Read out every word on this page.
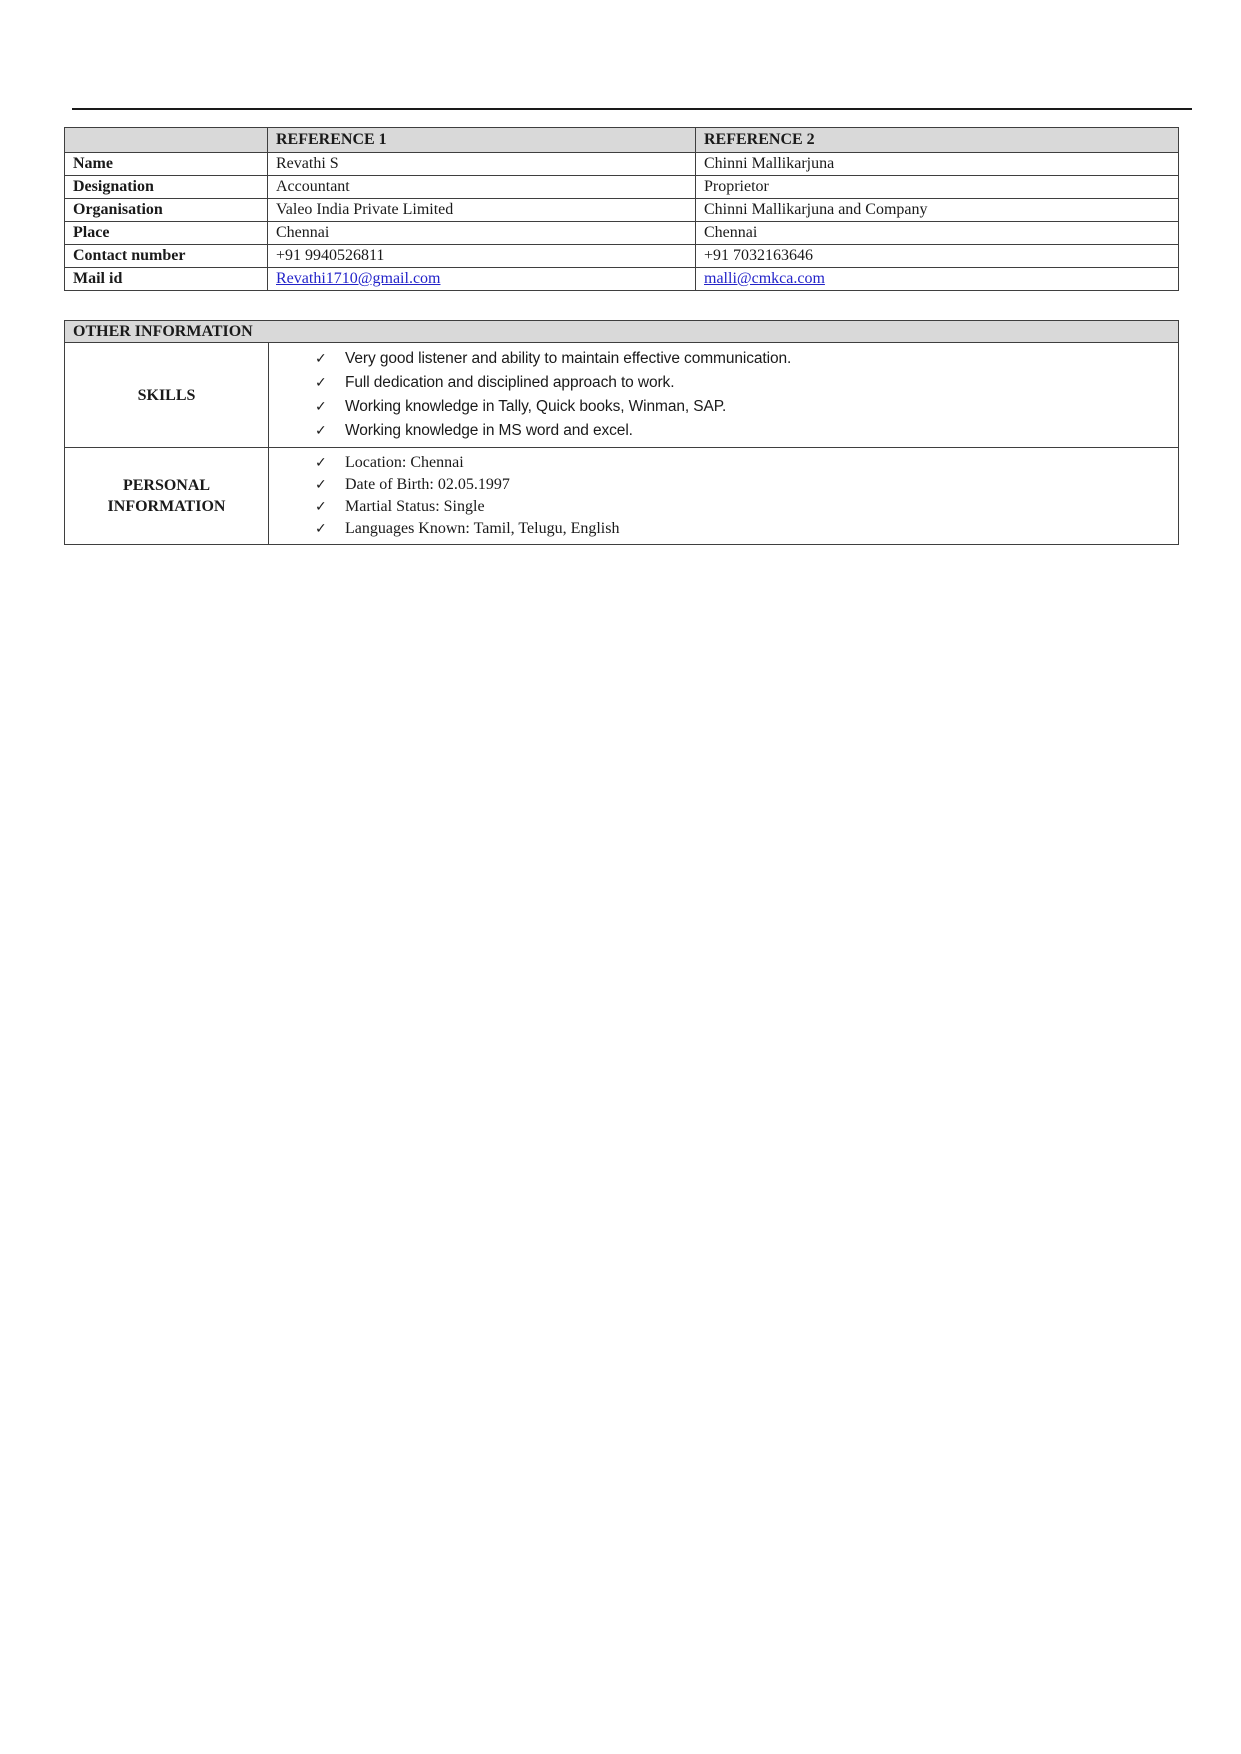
	REFERENCE 1	REFERENCE 2
Name	Revathi S	Chinni Mallikarjuna
Designation	Accountant	Proprietor
Organisation	Valeo India Private Limited	Chinni Mallikarjuna and Company
Place	Chennai	Chennai
Contact number	+91 9940526811	+91 7032163646
Mail id	Revathi1710@gmail.com	malli@cmkca.com
OTHER INFORMATION	

SKILLS

✓	Very good listener and ability to maintain effective communication.
✓	Full dedication and disciplined approach to work.
✓	Working knowledge in Tally, Quick books, Winman, SAP.
✓	Working knowledge in MS word and excel.

PERSONAL INFORMATION

✓	Location: Chennai
✓	Date of Birth: 02.05.1997
✓	Martial Status: Single
✓	Languages Known: Tamil, Telugu, English
